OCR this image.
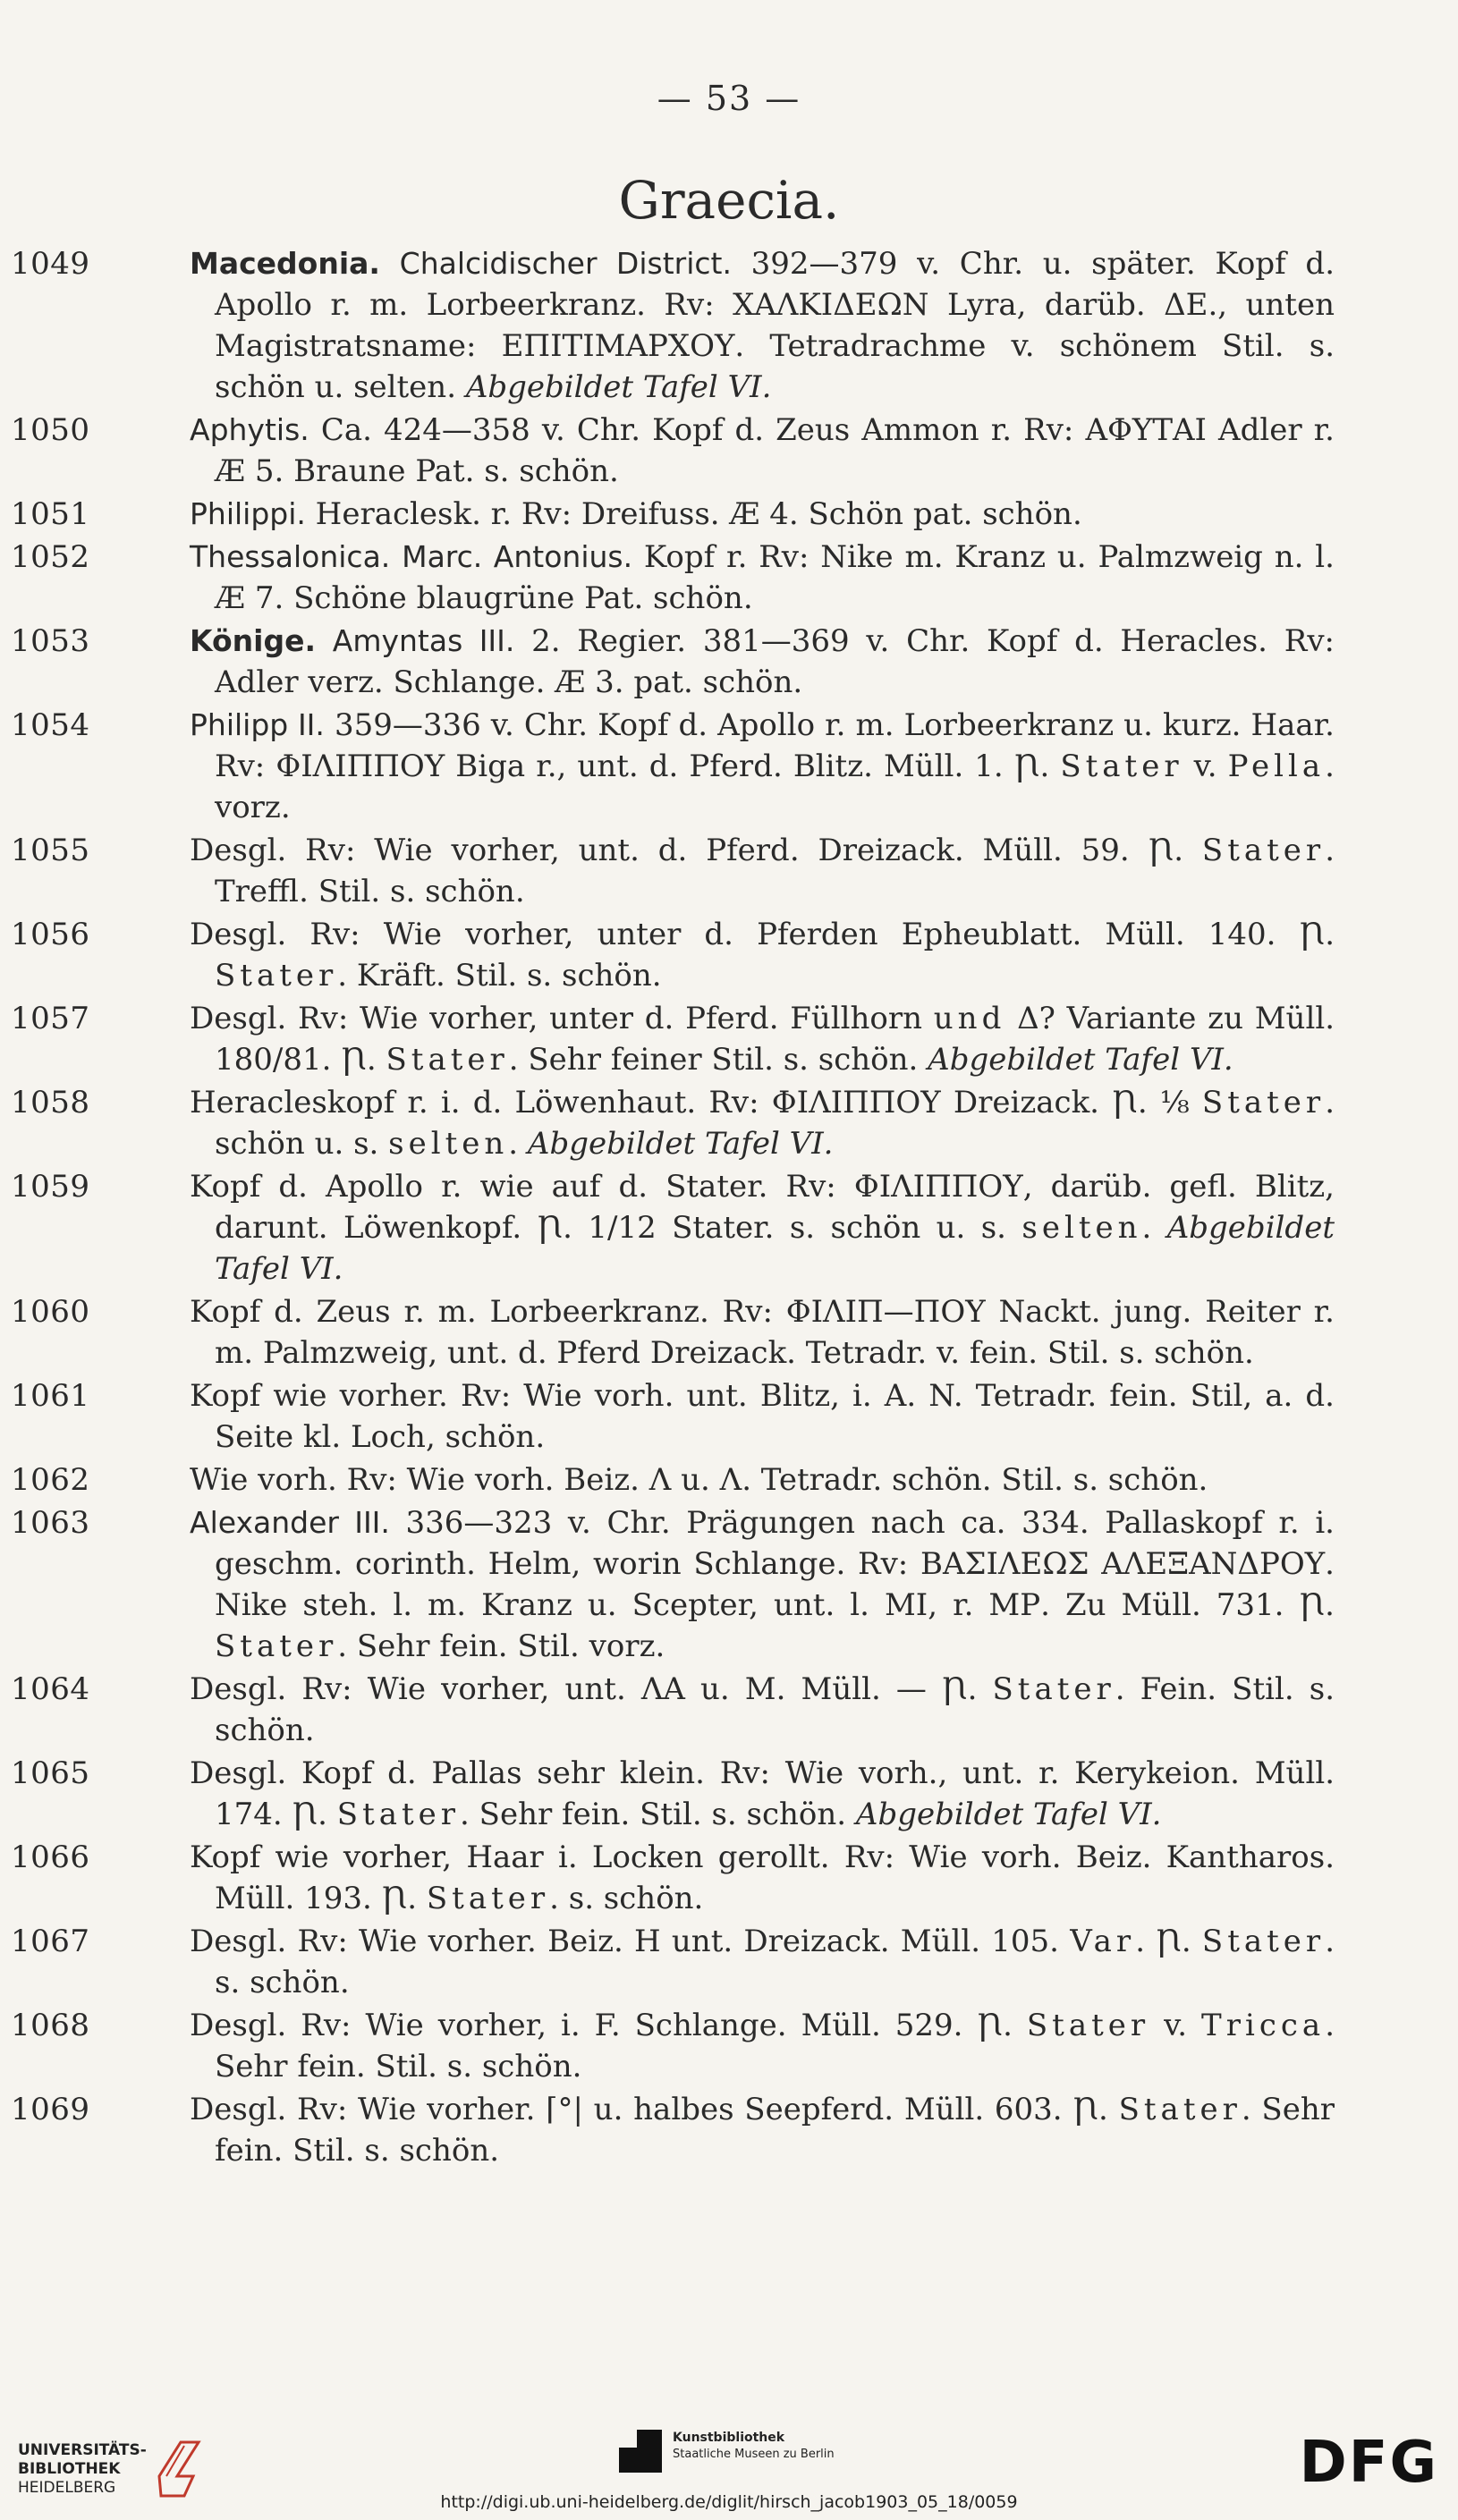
— 53 —
Graecia.
1049	Macedonia. Chalcidischer District. 392—379 v. Chr. u. später. Kopf d. Apollo r. m. Lorbeerkranz. Rv: ΧΑΛΚΙΔΕΩΝ Lyra, darüb. ΔΕ., unten Magistratsname: ΕΠΙΤΙΜΑΡΧΟΥ. Tetradrachme v. schönem Stil. s. schön u. selten. Abgebildet Tafel VI.
1050	Aphytis. Ca. 424—358 v. Chr. Kopf d. Zeus Ammon r. Rv: ΑΦΥΤΑΙ Adler r. Æ 5. Braune Pat. s. schön.
1051	Philippi. Heraclesk. r. Rv: Dreifuss. Æ 4. Schön pat. schön.
1052	Thessalonica. Marc. Antonius. Kopf r. Rv: Nike m. Kranz u. Palmzweig n. l. Æ 7. Schöne blaugrüne Pat. schön.
1053	Könige. Amyntas III. 2. Regier. 381—369 v. Chr. Kopf d. Heracles. Rv: Adler verz. Schlange. Æ 3. pat. schön.
1054	Philipp II. 359—336 v. Chr. Kopf d. Apollo r. m. Lorbeerkranz u. kurz. Haar. Rv: ΦΙΛΙΠΠΟΥ Biga r., unt. d. Pferd. Blitz. Müll. 1. Ꞃ. Stater v. Pella. vorz.
1055	Desgl. Rv: Wie vorher, unt. d. Pferd. Dreizack. Müll. 59. Ꞃ. Stater. Treffl. Stil. s. schön.
1056	Desgl. Rv: Wie vorher, unter d. Pferden Epheublatt. Müll. 140. Ꞃ. Stater. Kräft. Stil. s. schön.
1057	Desgl. Rv: Wie vorher, unter d. Pferd. Füllhorn und Δ? Variante zu Müll. 180/81. Ꞃ. Stater. Sehr feiner Stil. s. schön. Abgebildet Tafel VI.
1058	Heracleskopf r. i. d. Löwenhaut. Rv: ΦΙΛΙΠΠΟΥ Dreizack. Ꞃ. ⅛ Stater. schön u. s. selten. Abgebildet Tafel VI.
1059	Kopf d. Apollo r. wie auf d. Stater. Rv: ΦΙΛΙΠΠΟΥ, darüb. gefl. Blitz, darunt. Löwenkopf. Ꞃ. 1/12 Stater. s. schön u. s. selten. Abgebildet Tafel VI.
1060	Kopf d. Zeus r. m. Lorbeerkranz. Rv: ΦΙΛΙΠ—ΠΟΥ Nackt. jung. Reiter r. m. Palmzweig, unt. d. Pferd Dreizack. Tetradr. v. fein. Stil. s. schön.
1061	Kopf wie vorher. Rv: Wie vorh. unt. Blitz, i. A. N. Tetradr. fein. Stil, a. d. Seite kl. Loch, schön.
1062	Wie vorh. Rv: Wie vorh. Beiz. Λ u. Λ. Tetradr. schön. Stil. s. schön.
1063	Alexander III. 336—323 v. Chr. Prägungen nach ca. 334. Pallaskopf r. i. geschm. corinth. Helm, worin Schlange. Rv: ΒΑΣΙΛΕΩΣ ΑΛΕΞΑΝΔΡΟΥ. Nike steh. l. m. Kranz u. Scepter, unt. l. MI, r. ΜΡ. Zu Müll. 731. Ꞃ. Stater. Sehr fein. Stil. vorz.
1064	Desgl. Rv: Wie vorher, unt. ΛΑ u. M. Müll. — Ꞃ. Stater. Fein. Stil. s. schön.
1065	Desgl. Kopf d. Pallas sehr klein. Rv: Wie vorh., unt. r. Kerykeion. Müll. 174. Ꞃ. Stater. Sehr fein. Stil. s. schön. Abgebildet Tafel VI.
1066	Kopf wie vorher, Haar i. Locken gerollt. Rv: Wie vorh. Beiz. Kantharos. Müll. 193. Ꞃ. Stater. s. schön.
1067	Desgl. Rv: Wie vorher. Beiz. H unt. Dreizack. Müll. 105. Var. Ꞃ. Stater. s. schön.
1068	Desgl. Rv: Wie vorher, i. F. Schlange. Müll. 529. Ꞃ. Stater v. Tricca. Sehr fein. Stil. s. schön.
1069	Desgl. Rv: Wie vorher. ⌈°| u. halbes Seepferd. Müll. 603. Ꞃ. Stater. Sehr fein. Stil. s. schön.
UNIVERSITÄTS-
BIBLIOTHEK
HEIDELBERG
Kunstbibliothek
Staatliche Museen zu Berlin	DFG
http://digi.ub.uni-heidelberg.de/diglit/hirsch_jacob1903_05_18/0059
